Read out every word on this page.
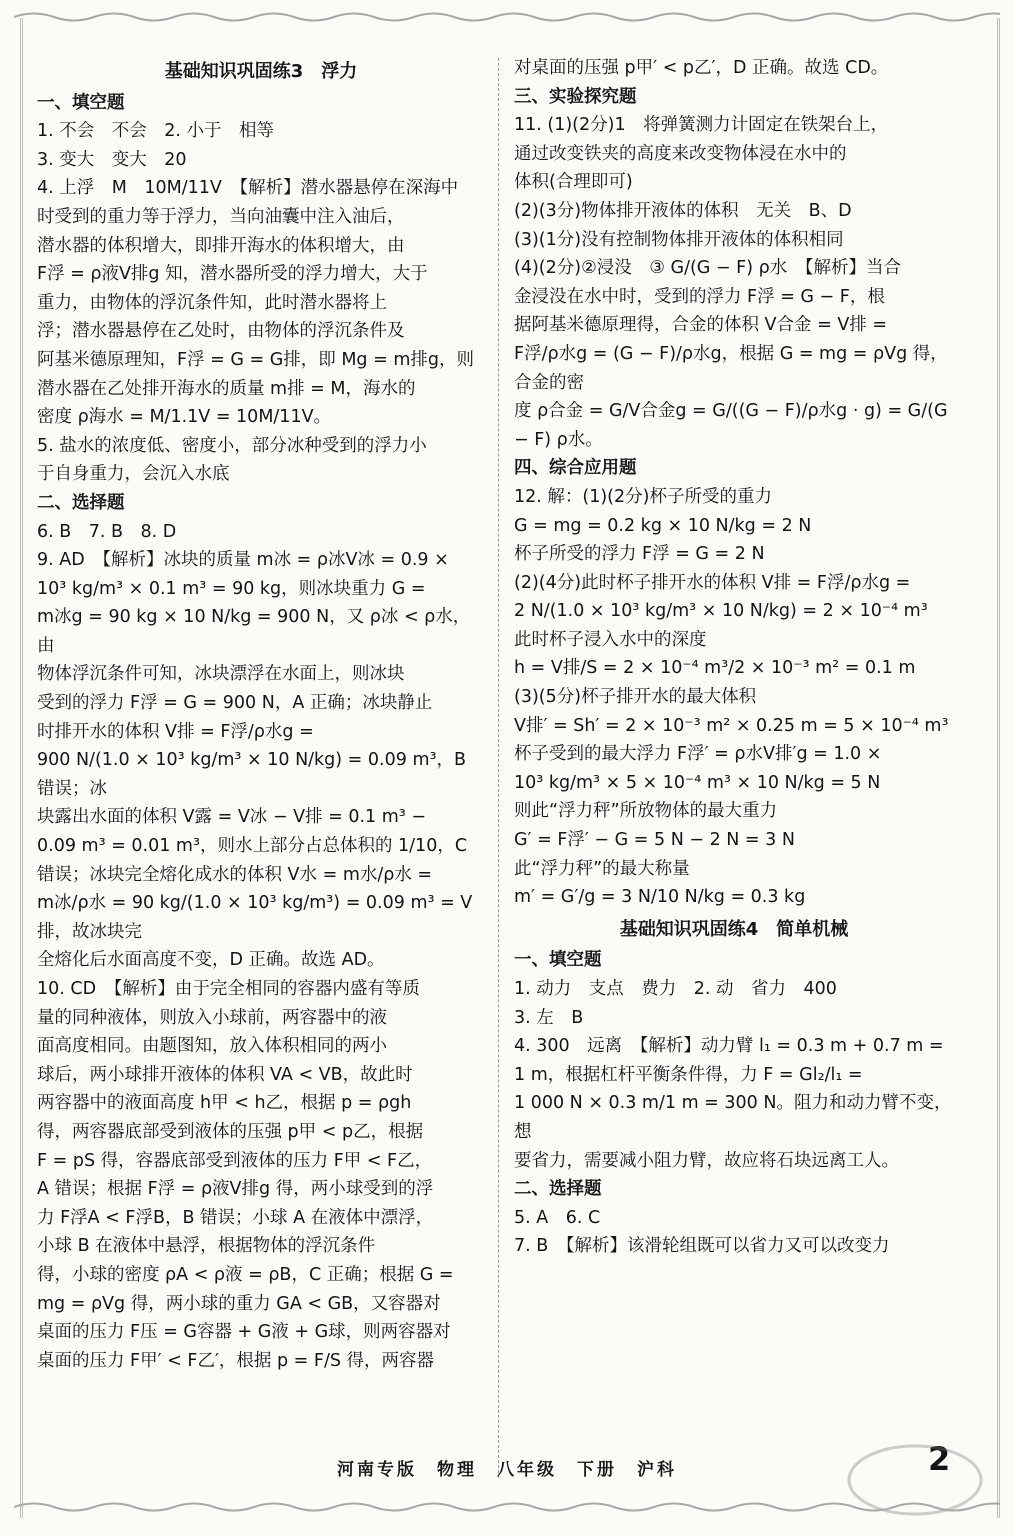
基础知识巩固练3　浮力
一、填空题
1. 不会　不会　2. 小于　相等
3. 变大　变大　20
4. 上浮　M　10M/11V　【解析】潜水器悬停在深海中
时受到的重力等于浮力，当向油囊中注入油后，
潜水器的体积增大，即排开海水的体积增大，由
F浮 = ρ液V排g 知，潜水器所受的浮力增大，大于
重力，由物体的浮沉条件知，此时潜水器将上
浮；潜水器悬停在乙处时，由物体的浮沉条件及
阿基米德原理知，F浮 = G = G排，即 Mg = m排g，则
潜水器在乙处排开海水的质量 m排 = M，海水的
密度 ρ海水 = M/1.1V = 10M/11V。
5. 盐水的浓度低、密度小，部分冰种受到的浮力小
于自身重力，会沉入水底
二、选择题
6. B　7. B　8. D
9. AD　【解析】冰块的质量 m冰 = ρ冰V冰 = 0.9 ×
10³ kg/m³ × 0.1 m³ = 90 kg，则冰块重力 G =
m冰g = 90 kg × 10 N/kg = 900 N，又 ρ冰 < ρ水，由
物体浮沉条件可知，冰块漂浮在水面上，则冰块
受到的浮力 F浮 = G = 900 N，A 正确；冰块静止
时排开水的体积 V排 = F浮/ρ水g =
900 N/(1.0 × 10³ kg/m³ × 10 N/kg) = 0.09 m³，B 错误；冰
块露出水面的体积 V露 = V冰 − V排 = 0.1 m³ −
0.09 m³ = 0.01 m³，则水上部分占总体积的 1/10，C
错误；冰块完全熔化成水的体积 V水 = m水/ρ水 =
m冰/ρ水 = 90 kg/(1.0 × 10³ kg/m³) = 0.09 m³ = V排，故冰块完
全熔化后水面高度不变，D 正确。故选 AD。
10. CD　【解析】由于完全相同的容器内盛有等质
量的同种液体，则放入小球前，两容器中的液
面高度相同。由题图知，放入体积相同的两小
球后，两小球排开液体的体积 VA < VB，故此时
两容器中的液面高度 h甲 < h乙，根据 p = ρgh
得，两容器底部受到液体的压强 p甲 < p乙，根据
F = pS 得，容器底部受到液体的压力 F甲 < F乙，
A 错误；根据 F浮 = ρ液V排g 得，两小球受到的浮
力 F浮A < F浮B，B 错误；小球 A 在液体中漂浮，
小球 B 在液体中悬浮，根据物体的浮沉条件
得，小球的密度 ρA < ρ液 = ρB，C 正确；根据 G =
mg = ρVg 得，两小球的重力 GA < GB，又容器对
桌面的压力 F压 = G容器 + G液 + G球，则两容器对
桌面的压力 F甲′ < F乙′，根据 p = F/S 得，两容器
对桌面的压强 p甲′ < p乙′，D 正确。故选 CD。
三、实验探究题
11. (1)(2分)1　将弹簧测力计固定在铁架台上，
通过改变铁夹的高度来改变物体浸在水中的
体积(合理即可)
(2)(3分)物体排开液体的体积　无关　B、D
(3)(1分)没有控制物体排开液体的体积相同
(4)(2分)②浸没　③ G/(G − F) ρ水　【解析】当合
金浸没在水中时，受到的浮力 F浮 = G − F，根
据阿基米德原理得，合金的体积 V合金 = V排 =
F浮/ρ水g = (G − F)/ρ水g，根据 G = mg = ρVg 得，合金的密
度 ρ合金 = G/V合金g = G/((G − F)/ρ水g · g) = G/(G − F) ρ水。
四、综合应用题
12. 解：(1)(2分)杯子所受的重力
G = mg = 0.2 kg × 10 N/kg = 2 N
杯子所受的浮力 F浮 = G = 2 N
(2)(4分)此时杯子排开水的体积 V排 = F浮/ρ水g =
2 N/(1.0 × 10³ kg/m³ × 10 N/kg) = 2 × 10⁻⁴ m³
此时杯子浸入水中的深度
h = V排/S = 2 × 10⁻⁴ m³/2 × 10⁻³ m² = 0.1 m
(3)(5分)杯子排开水的最大体积
V排′ = Sh′ = 2 × 10⁻³ m² × 0.25 m = 5 × 10⁻⁴ m³
杯子受到的最大浮力 F浮′ = ρ水V排′g = 1.0 ×
10³ kg/m³ × 5 × 10⁻⁴ m³ × 10 N/kg = 5 N
则此“浮力秤”所放物体的最大重力
G′ = F浮′ − G = 5 N − 2 N = 3 N
此“浮力秤”的最大称量
m′ = G′/g = 3 N/10 N/kg = 0.3 kg
基础知识巩固练4　简单机械
一、填空题
1. 动力　支点　费力　2. 动　省力　400
3. 左　B
4. 300　远离　【解析】动力臂 l₁ = 0.3 m + 0.7 m =
1 m，根据杠杆平衡条件得，力 F = Gl₂/l₁ =
1 000 N × 0.3 m/1 m = 300 N。阻力和动力臂不变，想
要省力，需要减小阻力臂，故应将石块远离工人。
二、选择题
5. A　6. C
7. B　【解析】该滑轮组既可以省力又可以改变力
河南专版　物理　八年级　下册　沪科	2
